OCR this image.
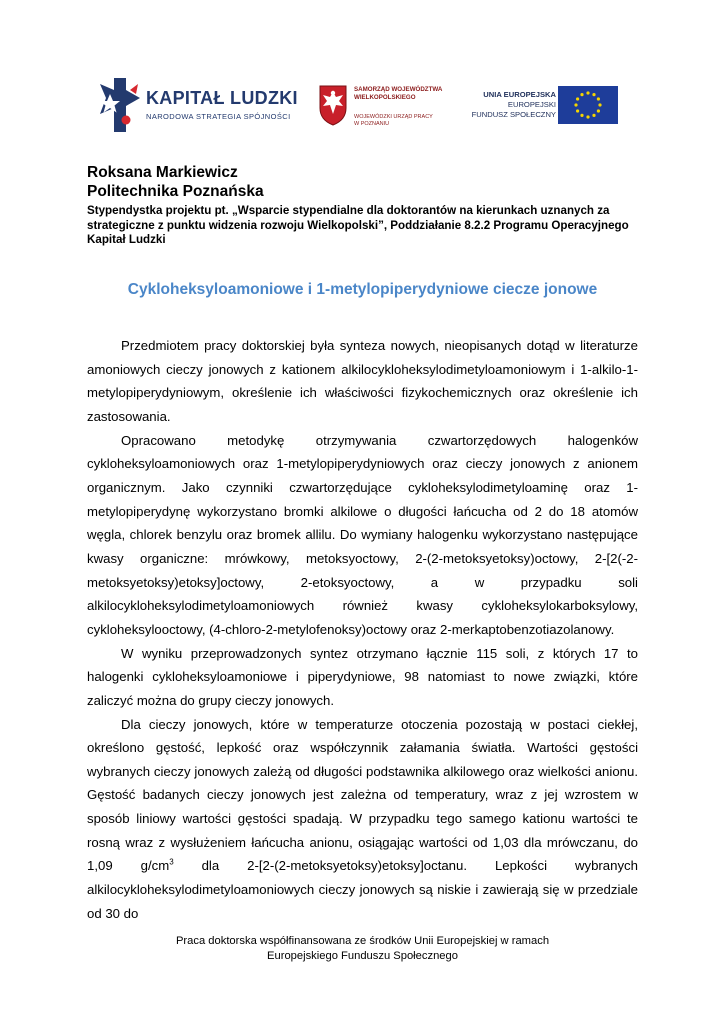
KAPITAŁ LUDZKI
NARODOWA STRATEGIA SPÓJNOŚCI
SAMORZĄD WOJEWÓDZTWA
WIELKOPOLSKIEGO
WOJEWÓDZKI URZĄD PRACY
W POZNANIU
UNIA EUROPEJSKA
EUROPEJSKI
FUNDUSZ SPOŁECZNY
Roksana Markiewicz
Politechnika Poznańska
Stypendystka projektu pt. „Wsparcie stypendialne dla doktorantów na kierunkach uznanych za strategiczne z punktu widzenia rozwoju Wielkopolski”, Poddziałanie 8.2.2 Programu Operacyjnego Kapitał Ludzki
Cykloheksyloamoniowe i 1-metylopiperydyniowe ciecze jonowe

Przedmiotem pracy doktorskiej była synteza nowych, nieopisanych dotąd w literaturze amoniowych cieczy jonowych z kationem alkilocykloheksylodimetyloamoniowym i 1-alkilo-1-metylopiperydyniowym, określenie ich właściwości fizykochemicznych oraz określenie ich zastosowania.

Opracowano metodykę otrzymywania czwartorzędowych halogenków cykloheksyloamoniowych oraz 1-metylopiperydyniowych oraz cieczy jonowych z anionem organicznym. Jako czynniki czwartorzędujące cykloheksylodimetyloaminę oraz 1-metylopiperydynę wykorzystano bromki alkilowe o długości łańcucha od 2 do 18 atomów węgla, chlorek benzylu oraz bromek allilu. Do wymiany halogenku wykorzystano następujące kwasy organiczne: mrówkowy, metoksyoctowy, 2-(2-metoksyetoksy)octowy, 2-[2(-2-metoksyetoksy)etoksy]octowy, 2-etoksyoctowy, a w przypadku soli alkilocykloheksylodimetyloamoniowych również kwasy cykloheksylokarboksylowy, cykloheksylooctowy, (4-chloro-2-metylofenoksy)octowy oraz 2-merkaptobenzotiazolanowy.

W wyniku przeprowadzonych syntez otrzymano łącznie 115 soli, z których 17 to halogenki cykloheksyloamoniowe i piperydyniowe, 98 natomiast to nowe związki, które zaliczyć można do grupy cieczy jonowych.

Dla cieczy jonowych, które w temperaturze otoczenia pozostają w postaci ciekłej, określono gęstość, lepkość oraz współczynnik załamania światła. Wartości gęstości wybranych cieczy jonowych zależą od długości podstawnika alkilowego oraz wielkości anionu. Gęstość badanych cieczy jonowych jest zależna od temperatury, wraz z jej wzrostem w sposób liniowy wartości gęstości spadają. W przypadku tego samego kationu wartości te rosną wraz z wysłużeniem łańcucha anionu, osiągając wartości od 1,03 dla mrówczanu, do 1,09 $g/cm^3$ dla 2-[2-(2-metoksyetoksy)etoksy]octanu. Lepkości wybranych alkilocykloheksylodimetyloamoniowych cieczy jonowych są niskie i zawierają się w przedziale od 30 do

Praca doktorska współfinansowana ze środków Unii Europejskiej w ramach
Europejskiego Funduszu Społecznego
